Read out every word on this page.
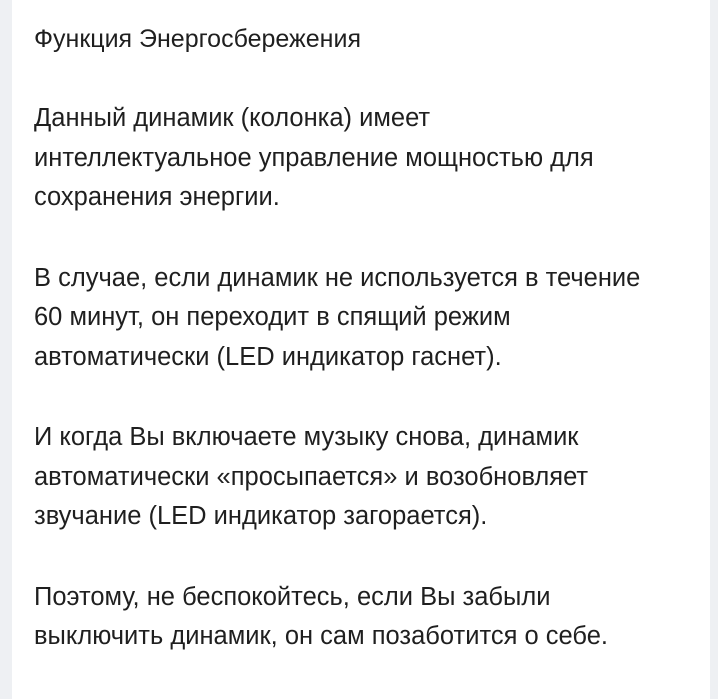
Функция Энергосбережения

Данный динамик (колонка) имеет
интеллектуальное управление мощностью для
сохранения энергии.

В случае, если динамик не используется в течение
60 минут, он переходит в спящий режим
автоматически (LED индикатор гаснет).

И когда Вы включаете музыку снова, динамик
автоматически «просыпается» и возобновляет
звучание (LED индикатор загорается).

Поэтому, не беспокойтесь, если Вы забыли
выключить динамик, он сам позаботится о себе.
